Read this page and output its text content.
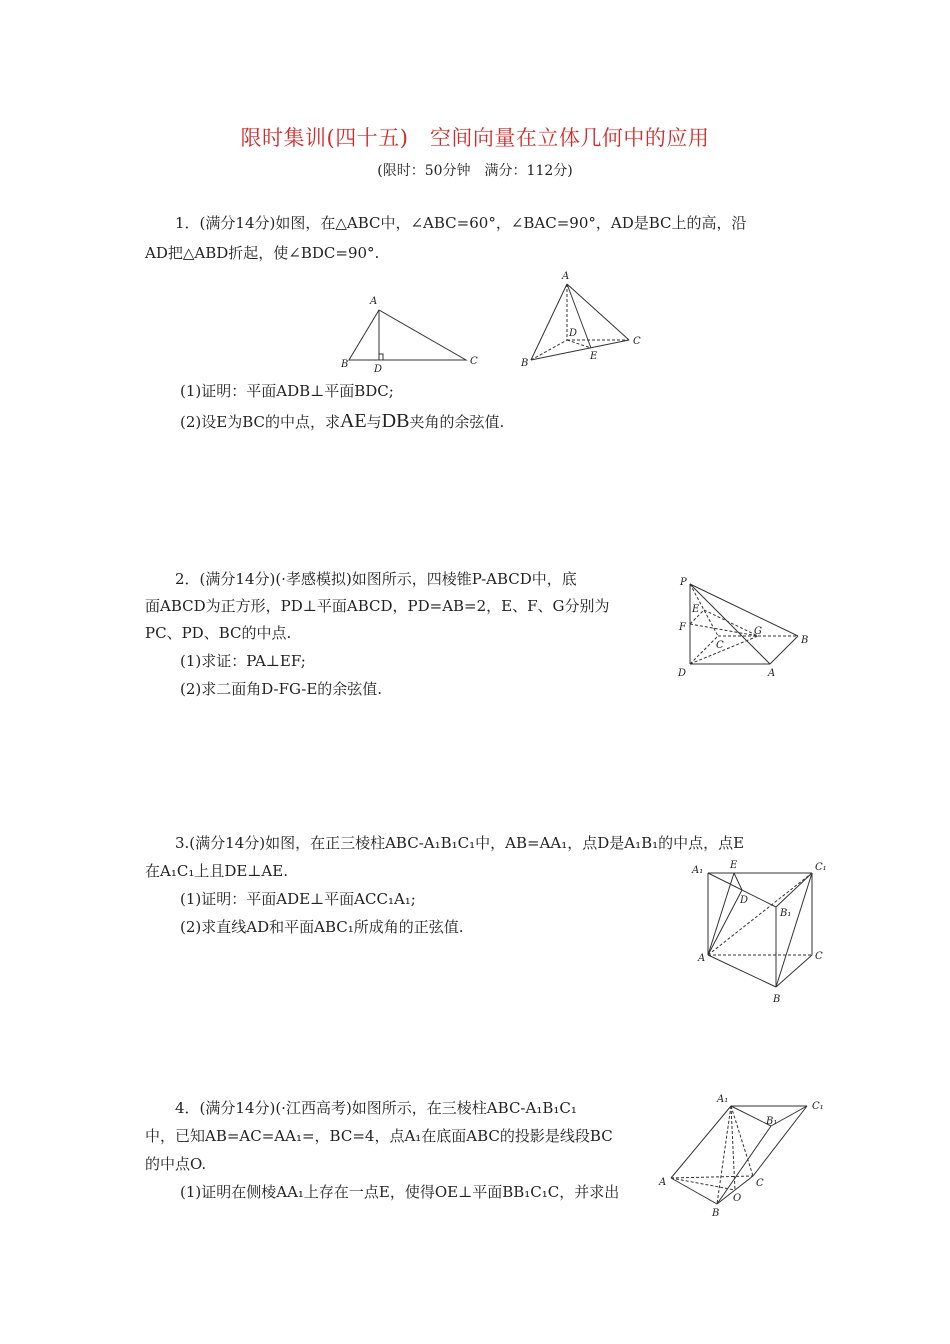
限时集训(四十五)　空间向量在立体几何中的应用
(限时：50分钟　满分：112分)
1．(满分14分)如图，在△ABC中，∠ABC=60°，∠BAC=90°，AD是BC上的高，沿
AD把△ABD折起，使∠BDC=90°.
A
B	D
C
A
D
C
E
B
(1)证明：平面ADB⊥平面BDC;
(2)设E为BC的中点，求AE与DB夹角的余弦值.
2．(满分14分)(·孝感模拟)如图所示，四棱锥P-ABCD中，底
面ABCD为正方形，PD⊥平面ABCD，PD=AB=2，E、F、G分别为
PC、PD、BC的中点.
(1)求证：PA⊥EF;
(2)求二面角D-FG-E的余弦值.
P
E
F	G
B
C
D	A
3.(满分14分)如图，在正三棱柱ABC-A₁B₁C₁中，AB=AA₁，点D是A₁B₁的中点，点E
在A₁C₁上且DE⊥AE.
(1)证明：平面ADE⊥平面ACC₁A₁;
(2)求直线AD和平面ABC₁所成角的正弦值.
A₁	E	C₁
D
B₁
A	C
B
4．(满分14分)(·江西高考)如图所示，在三棱柱ABC-A₁B₁C₁
中，已知AB=AC=AA₁=，BC=4，点A₁在底面ABC的投影是线段BC
的中点O.
(1)证明在侧棱AA₁上存在一点E，使得OE⊥平面BB₁C₁C，并求出
A₁
C₁
B₁
A	C
O
B
